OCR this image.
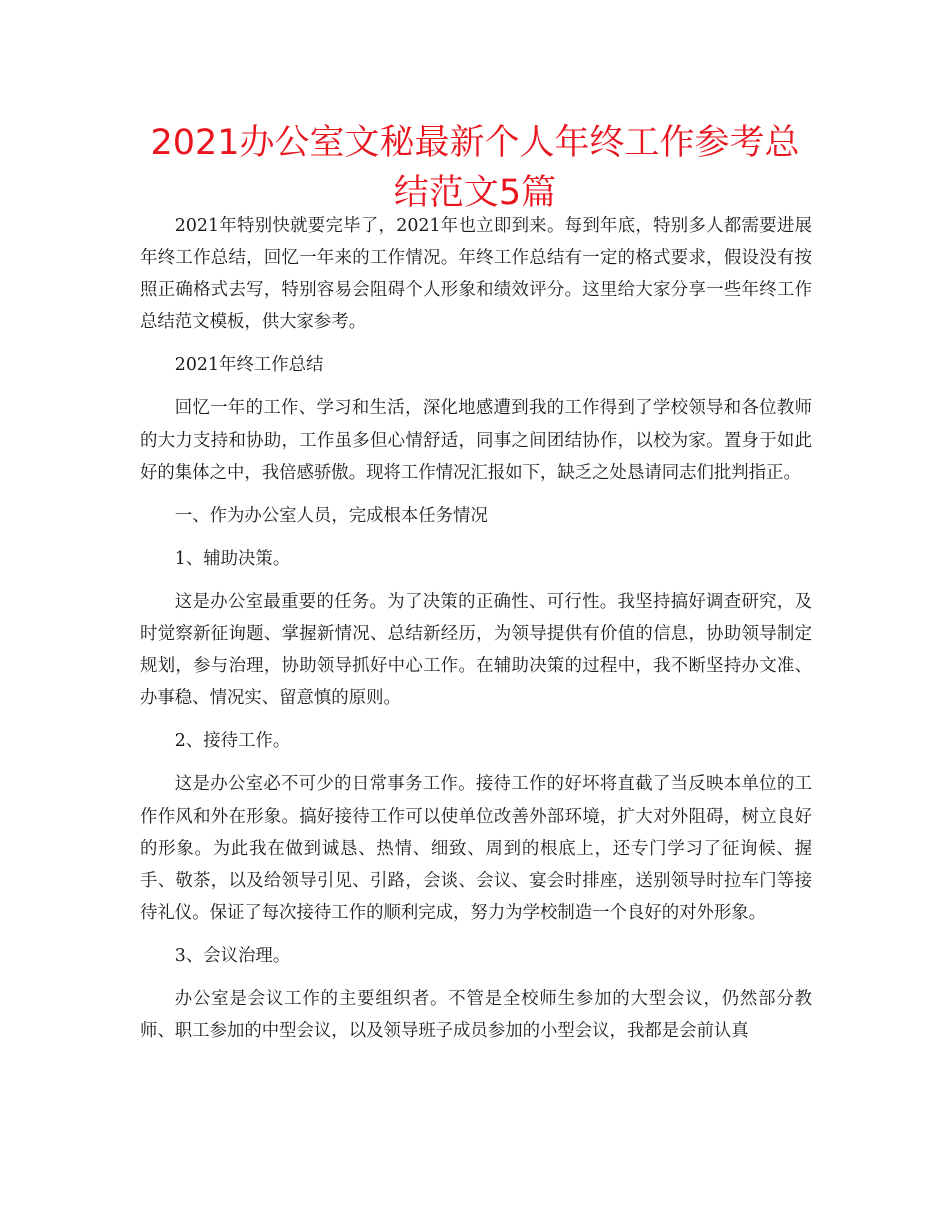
2021办公室文秘最新个人年终工作参考总结范文5篇

2021年特别快就要完毕了，2021年也立即到来。每到年底，特别多人都需要进展年终工作总结，回忆一年来的工作情况。年终工作总结有一定的格式要求，假设没有按照正确格式去写，特别容易会阻碍个人形象和绩效评分。这里给大家分享一些年终工作总结范文模板，供大家参考。

2021年终工作总结

回忆一年的工作、学习和生活，深化地感遭到我的工作得到了学校领导和各位教师的大力支持和协助，工作虽多但心情舒适，同事之间团结协作，以校为家。置身于如此好的集体之中，我倍感骄傲。现将工作情况汇报如下，缺乏之处恳请同志们批判指正。

一、作为办公室人员，完成根本任务情况

1、辅助决策。

这是办公室最重要的任务。为了决策的正确性、可行性。我坚持搞好调查研究，及时觉察新征询题、掌握新情况、总结新经历，为领导提供有价值的信息，协助领导制定规划，参与治理，协助领导抓好中心工作。在辅助决策的过程中，我不断坚持办文准、办事稳、情况实、留意慎的原则。

2、接待工作。

这是办公室必不可少的日常事务工作。接待工作的好坏将直截了当反映本单位的工作作风和外在形象。搞好接待工作可以使单位改善外部环境，扩大对外阻碍，树立良好的形象。为此我在做到诚恳、热情、细致、周到的根底上，还专门学习了征询候、握手、敬茶，以及给领导引见、引路，会谈、会议、宴会时排座，送别领导时拉车门等接待礼仪。保证了每次接待工作的顺利完成，努力为学校制造一个良好的对外形象。

3、会议治理。

办公室是会议工作的主要组织者。不管是全校师生参加的大型会议，仍然部分教师、职工参加的中型会议，以及领导班子成员参加的小型会议，我都是会前认真
